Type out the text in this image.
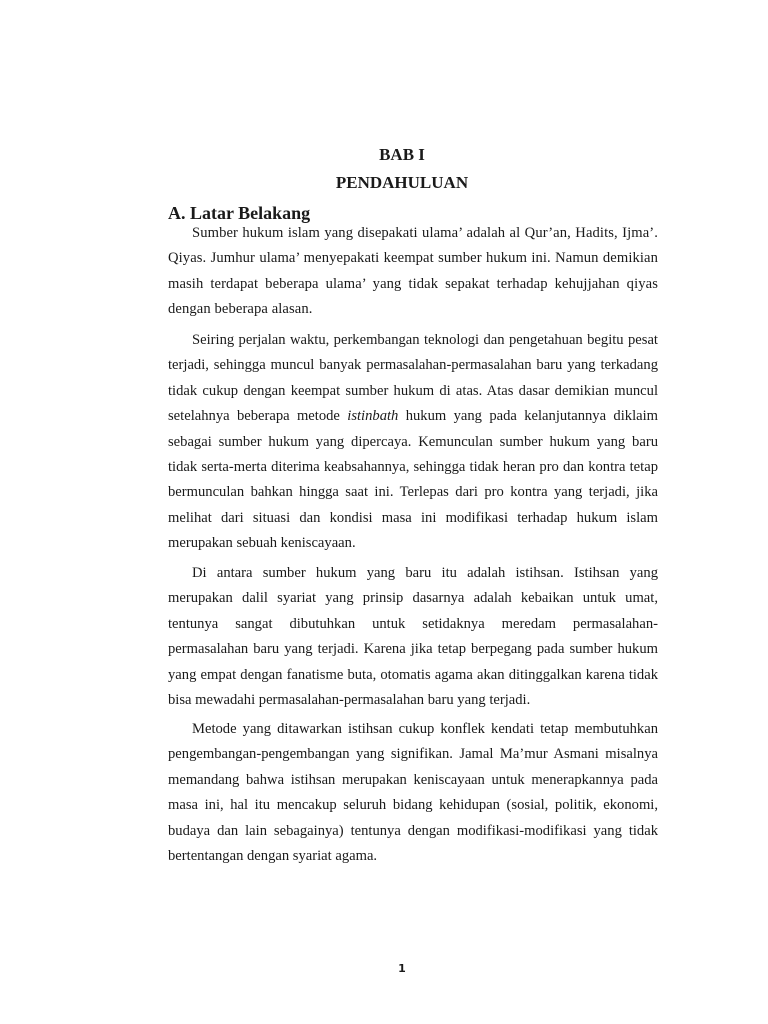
BAB I
PENDAHULUAN
A. Latar Belakang

Sumber hukum islam yang disepakati ulama’ adalah al Qur’an, Hadits, Ijma’. Qiyas. Jumhur ulama’ menyepakati keempat sumber hukum ini. Namun demikian masih terdapat beberapa ulama’ yang tidak sepakat terhadap kehujjahan qiyas dengan beberapa alasan.

Seiring perjalan waktu, perkembangan teknologi dan pengetahuan begitu pesat terjadi, sehingga muncul banyak permasalahan-permasalahan baru yang terkadang tidak cukup dengan keempat sumber hukum di atas. Atas dasar demikian muncul setelahnya beberapa metode istinbath hukum yang pada kelanjutannya diklaim sebagai sumber hukum yang dipercaya. Kemunculan sumber hukum yang baru tidak serta-merta diterima keabsahannya, sehingga tidak heran pro dan kontra tetap bermunculan bahkan hingga saat ini. Terlepas dari pro kontra yang terjadi, jika melihat dari situasi dan kondisi masa ini modifikasi terhadap hukum islam merupakan sebuah keniscayaan.

Di antara sumber hukum yang baru itu adalah istihsan. Istihsan yang merupakan dalil syariat yang prinsip dasarnya adalah kebaikan untuk umat, tentunya sangat dibutuhkan untuk setidaknya meredam permasalahan-permasalahan baru yang terjadi. Karena jika tetap berpegang pada sumber hukum yang empat dengan fanatisme buta, otomatis agama akan ditinggalkan karena tidak bisa mewadahi permasalahan-permasalahan baru yang terjadi.

Metode yang ditawarkan istihsan cukup konflek kendati tetap membutuhkan pengembangan-pengembangan yang signifikan. Jamal Ma’mur Asmani misalnya memandang bahwa istihsan merupakan keniscayaan untuk menerapkannya pada masa ini, hal itu mencakup seluruh bidang kehidupan (sosial, politik, ekonomi, budaya dan lain sebagainya) tentunya dengan modifikasi-modifikasi yang tidak bertentangan dengan syariat agama.

1
